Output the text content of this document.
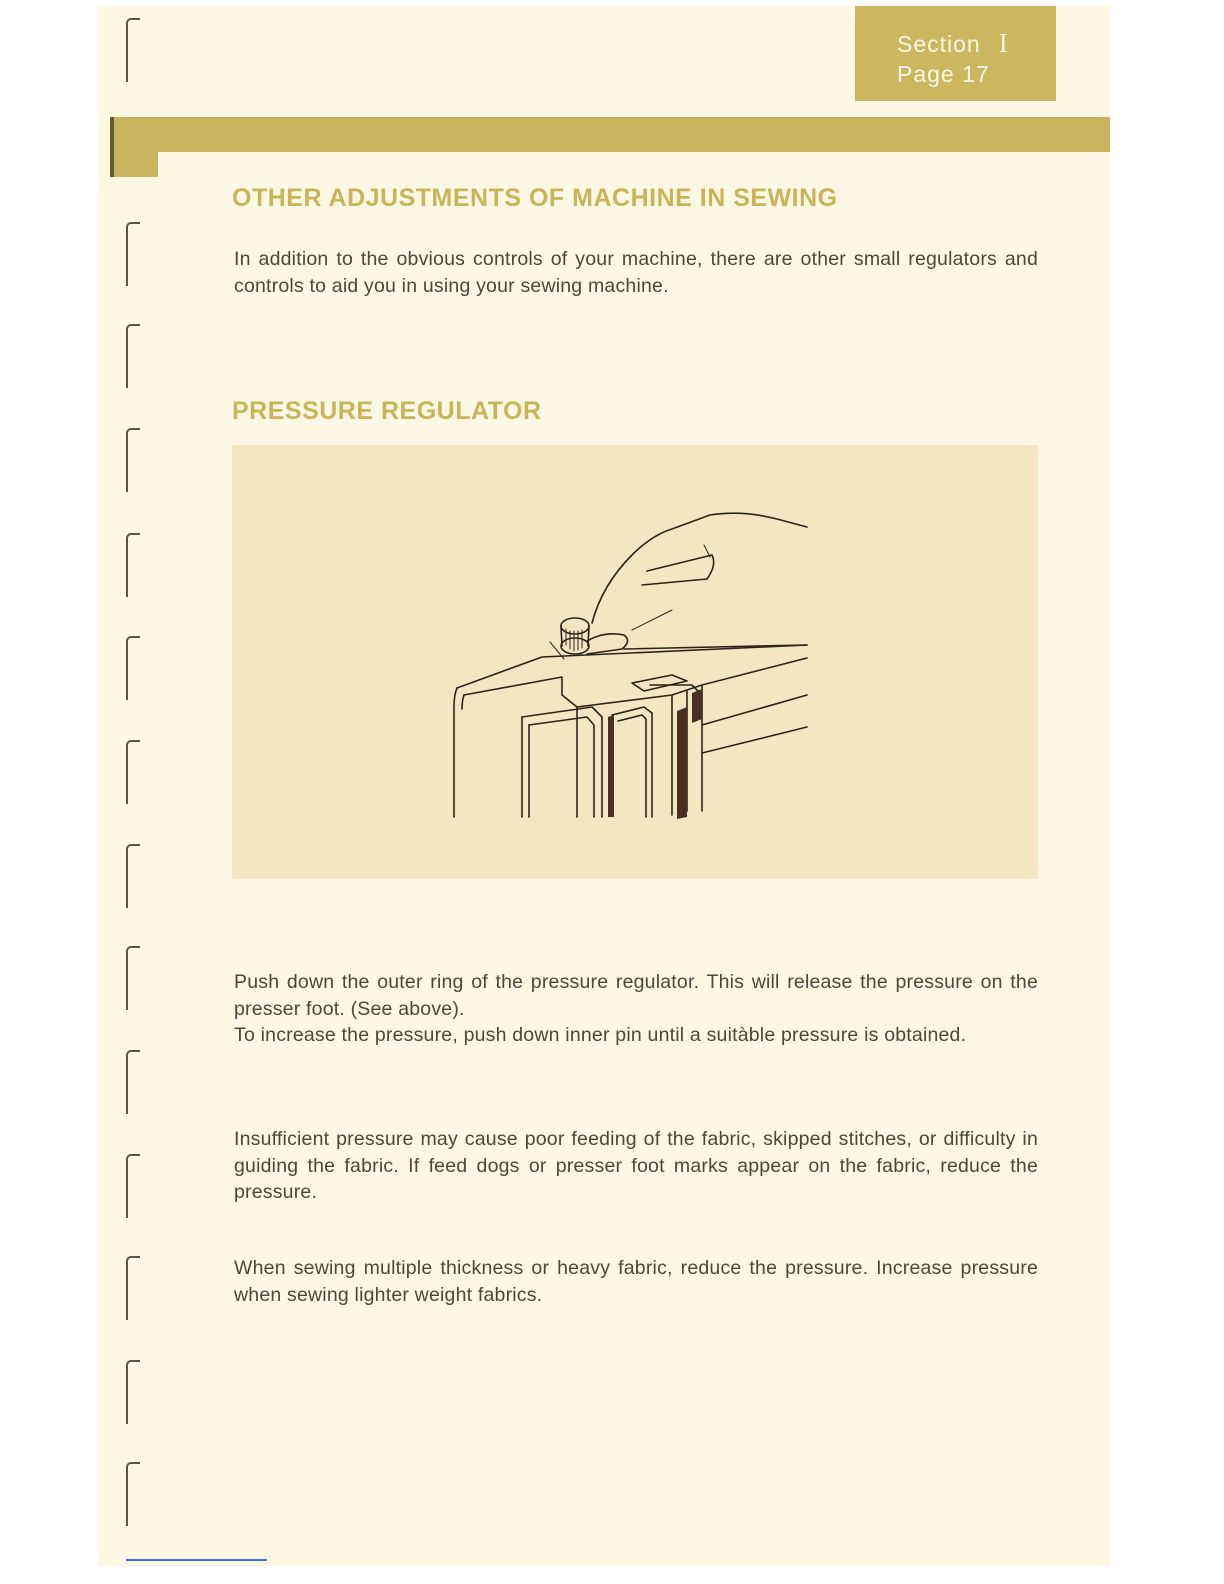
Section I
Page 17
OTHER ADJUSTMENTS OF MACHINE IN SEWING

In addition to the obvious controls of your machine, there are other small regulators and controls to aid you in using your sewing machine.

PRESSURE REGULATOR

Push down the outer ring of the pressure regulator. This will release the pressure on the presser foot. (See above).
To increase the pressure, push down inner pin until a suitàble pressure is obtained.

Insufficient pressure may cause poor feeding of the fabric, skipped stitches, or difficulty in guiding the fabric. If feed dogs or presser foot marks appear on the fabric, reduce the pressure.

When sewing multiple thickness or heavy fabric, reduce the pressure. Increase pressure when sewing lighter weight fabrics.
